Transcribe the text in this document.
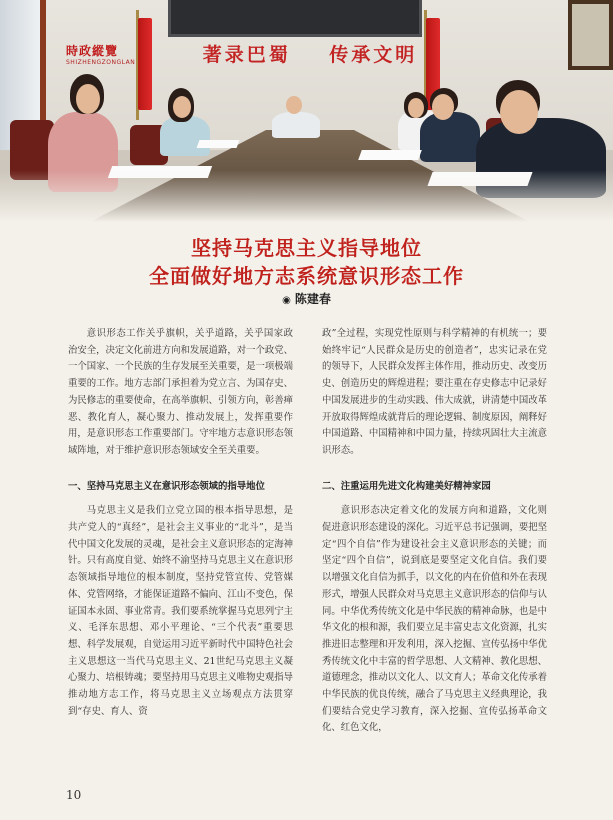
著录巴蜀    传承文明
時政縱覽
SHIZHENGZONGLAN
坚持马克思主义指导地位
全面做好地方志系统意识形态工作
◉ 陈建春

意识形态工作关乎旗帜，关乎道路，关乎国家政治安全，决定文化前进方向和发展道路，对一个政党、一个国家、一个民族的生存发展至关重要，是一项极端重要的工作。地方志部门承担着为党立言、为国存史、为民修志的重要使命，在高举旗帜、引领方向，彰善瘅恶、教化育人，凝心聚力、推动发展上，发挥重要作用，是意识形态工作重要部门。守牢地方志意识形态领域阵地，对于维护意识形态领域安全至关重要。

一、坚持马克思主义在意识形态领域的指导地位

马克思主义是我们立党立国的根本指导思想，是共产党人的“真经”，是社会主义事业的“北斗”，是当代中国文化发展的灵魂，是社会主义意识形态的定海神针。只有高度自觉、始终不渝坚持马克思主义在意识形态领域指导地位的根本制度，坚持党管宣传、党管媒体、党管网络，才能保证道路不偏向、江山不变色，保证国本永固、事业常青。我们要系统掌握马克思列宁主义、毛泽东思想、邓小平理论、“三个代表”重要思想、科学发展观，自觉运用习近平新时代中国特色社会主义思想这一当代马克思主义、21世纪马克思主义凝心聚力、培根铸魂；要坚持用马克思主义唯物史观指导推动地方志工作，将马克思主义立场观点方法贯穿到“存史、育人、资

政”全过程，实现党性原则与科学精神的有机统一；要始终牢记“人民群众是历史的创造者”，忠实记录在党的领导下，人民群众发挥主体作用，推动历史、改变历史、创造历史的辉煌进程；要注重在存史修志中记录好中国发展进步的生动实践、伟大成就，讲清楚中国改革开放取得辉煌成就背后的理论逻辑、制度原因，阐释好中国道路、中国精神和中国力量，持续巩固壮大主流意识形态。

二、注重运用先进文化构建美好精神家园

意识形态决定着文化的发展方向和道路，文化则促进意识形态建设的深化。习近平总书记强调，要把坚定“四个自信”作为建设社会主义意识形态的关键；而坚定“四个自信”，说到底是要坚定文化自信。我们要以增强文化自信为抓手，以文化的内在价值和外在表现形式，增强人民群众对马克思主义意识形态的信仰与认同。中华优秀传统文化是中华民族的精神命脉，也是中华文化的根和源，我们要立足丰富史志文化资源，扎实推进旧志整理和开发利用，深入挖掘、宣传弘扬中华优秀传统文化中丰富的哲学思想、人文精神、教化思想、道德理念，推动以文化人、以文育人；革命文化传承着中华民族的优良传统，融合了马克思主义经典理论，我们要结合党史学习教育，深入挖掘、宣传弘扬革命文化、红色文化，

10
